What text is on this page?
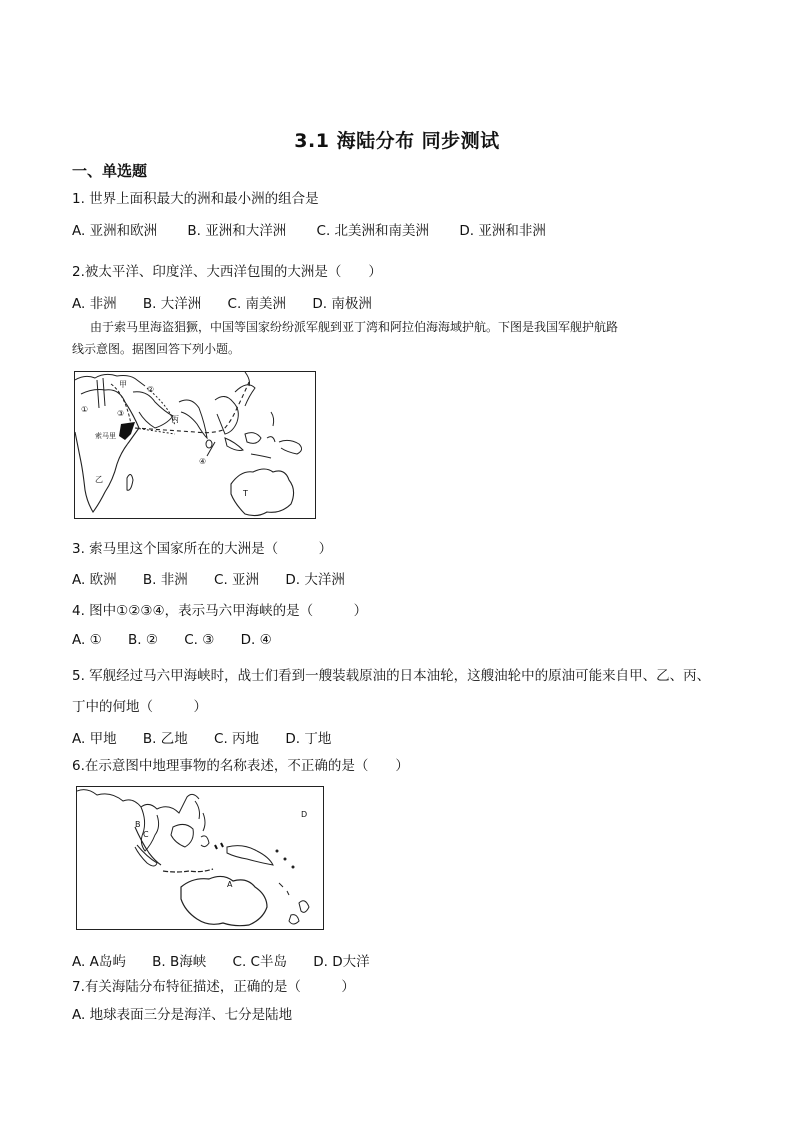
3.1 海陆分布 同步测试
一、单选题
1. 世界上面积最大的洲和最小洲的组合是
A. 亚洲和欧洲 B. 亚洲和大洋洲 C. 北美洲和南美洲 D. 亚洲和非洲
2.被太平洋、印度洋、大西洋包围的大洲是（　　）
A. 非洲 B. 大洋洲 C. 南美洲 D. 南极洲
由于索马里海盗猖獗，中国等国家纷纷派军舰到亚丁湾和阿拉伯海海域护航。下图是我国军舰护航路
线示意图。据图回答下列小题。
甲
乙
丙
T
索马里
①
②
③
④
3. 索马里这个国家所在的大洲是（　　　）
A. 欧洲 B. 非洲 C. 亚洲 D. 大洋洲
4. 图中①②③④，表示马六甲海峡的是（　　　）
A. ① B. ② C. ③ D. ④
5. 军舰经过马六甲海峡时，战士们看到一艘装载原油的日本油轮，这艘油轮中的原油可能来自甲、乙、丙、
丁中的何地（　　　）
A. 甲地 B. 乙地 C. 丙地 D. 丁地
6.在示意图中地理事物的名称表述，不正确的是（　　）
A
B
C
D
A. A岛屿 B. B海峡 C. C半岛 D. D大洋
7.有关海陆分布特征描述，正确的是（　　　）
A. 地球表面三分是海洋、七分是陆地
